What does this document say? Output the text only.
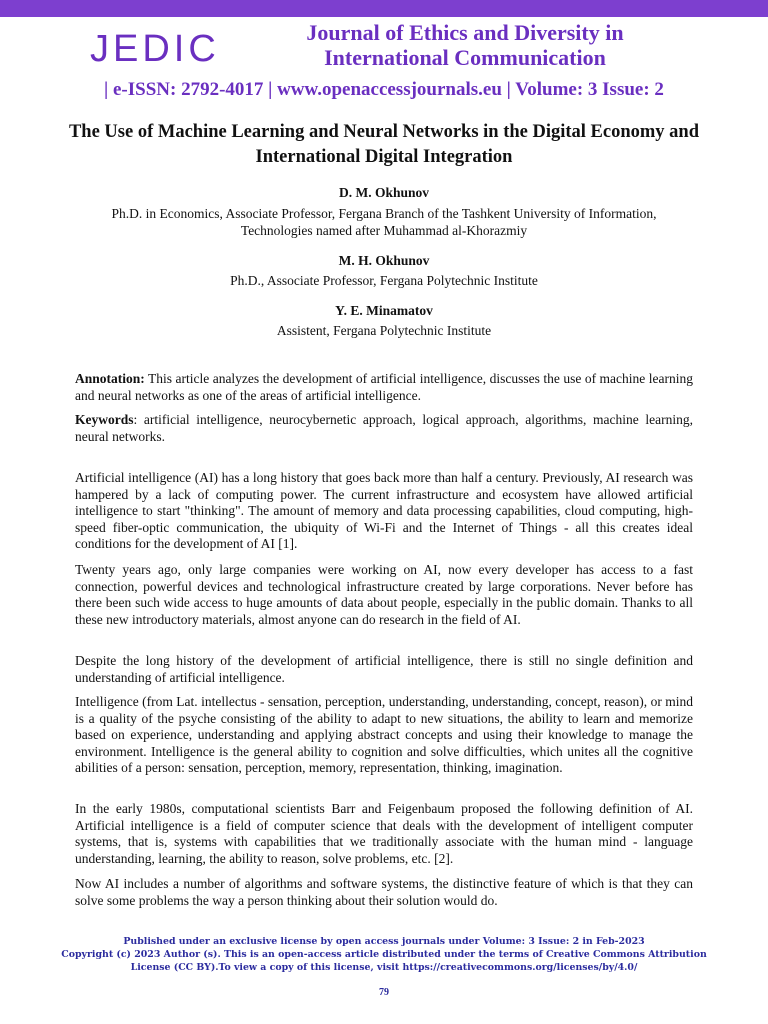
JEDIC	Journal of Ethics and Diversity in International Communication
| e-ISSN: 2792-4017 | www.openaccessjournals.eu | Volume: 3 Issue: 2
The Use of Machine Learning and Neural Networks in the Digital Economy and International Digital Integration
D. M. Okhunov
Ph.D. in Economics, Associate Professor, Fergana Branch of the Tashkent University of Information, Technologies named after Muhammad al-Khorazmiy
M. H. Okhunov
Ph.D., Associate Professor, Fergana Polytechnic Institute
Y. E. Minamatov
Assistent, Fergana Polytechnic Institute

Annotation: This article analyzes the development of artificial intelligence, discusses the use of machine learning and neural networks as one of the areas of artificial intelligence.

Keywords: artificial intelligence, neurocybernetic approach, logical approach, algorithms, machine learning, neural networks.

Artificial intelligence (AI) has a long history that goes back more than half a century. Previously, AI research was hampered by a lack of computing power. The current infrastructure and ecosystem have allowed artificial intelligence to start "thinking". The amount of memory and data processing capabilities, cloud computing, high-speed fiber-optic communication, the ubiquity of Wi-Fi and the Internet of Things - all this creates ideal conditions for the development of AI [1].

Twenty years ago, only large companies were working on AI, now every developer has access to a fast connection, powerful devices and technological infrastructure created by large corporations. Never before has there been such wide access to huge amounts of data about people, especially in the public domain. Thanks to all these new introductory materials, almost anyone can do research in the field of AI.

Despite the long history of the development of artificial intelligence, there is still no single definition and understanding of artificial intelligence.

Intelligence (from Lat. intellectus - sensation, perception, understanding, understanding, concept, reason), or mind is a quality of the psyche consisting of the ability to adapt to new situations, the ability to learn and memorize based on experience, understanding and applying abstract concepts and using their knowledge to manage the environment. Intelligence is the general ability to cognition and solve difficulties, which unites all the cognitive abilities of a person: sensation, perception, memory, representation, thinking, imagination.

In the early 1980s, computational scientists Barr and Feigenbaum proposed the following definition of AI. Artificial intelligence is a field of computer science that deals with the development of intelligent computer systems, that is, systems with capabilities that we traditionally associate with the human mind - language understanding, learning, the ability to reason, solve problems, etc. [2].

Now AI includes a number of algorithms and software systems, the distinctive feature of which is that they can solve some problems the way a person thinking about their solution would do.

Published under an exclusive license by open access journals under Volume: 3 Issue: 2 in Feb-2023
Copyright (c) 2023 Author (s). This is an open-access article distributed under the terms of Creative Commons Attribution License (CC BY).To view a copy of this license, visit https://creativecommons.org/licenses/by/4.0/
79
